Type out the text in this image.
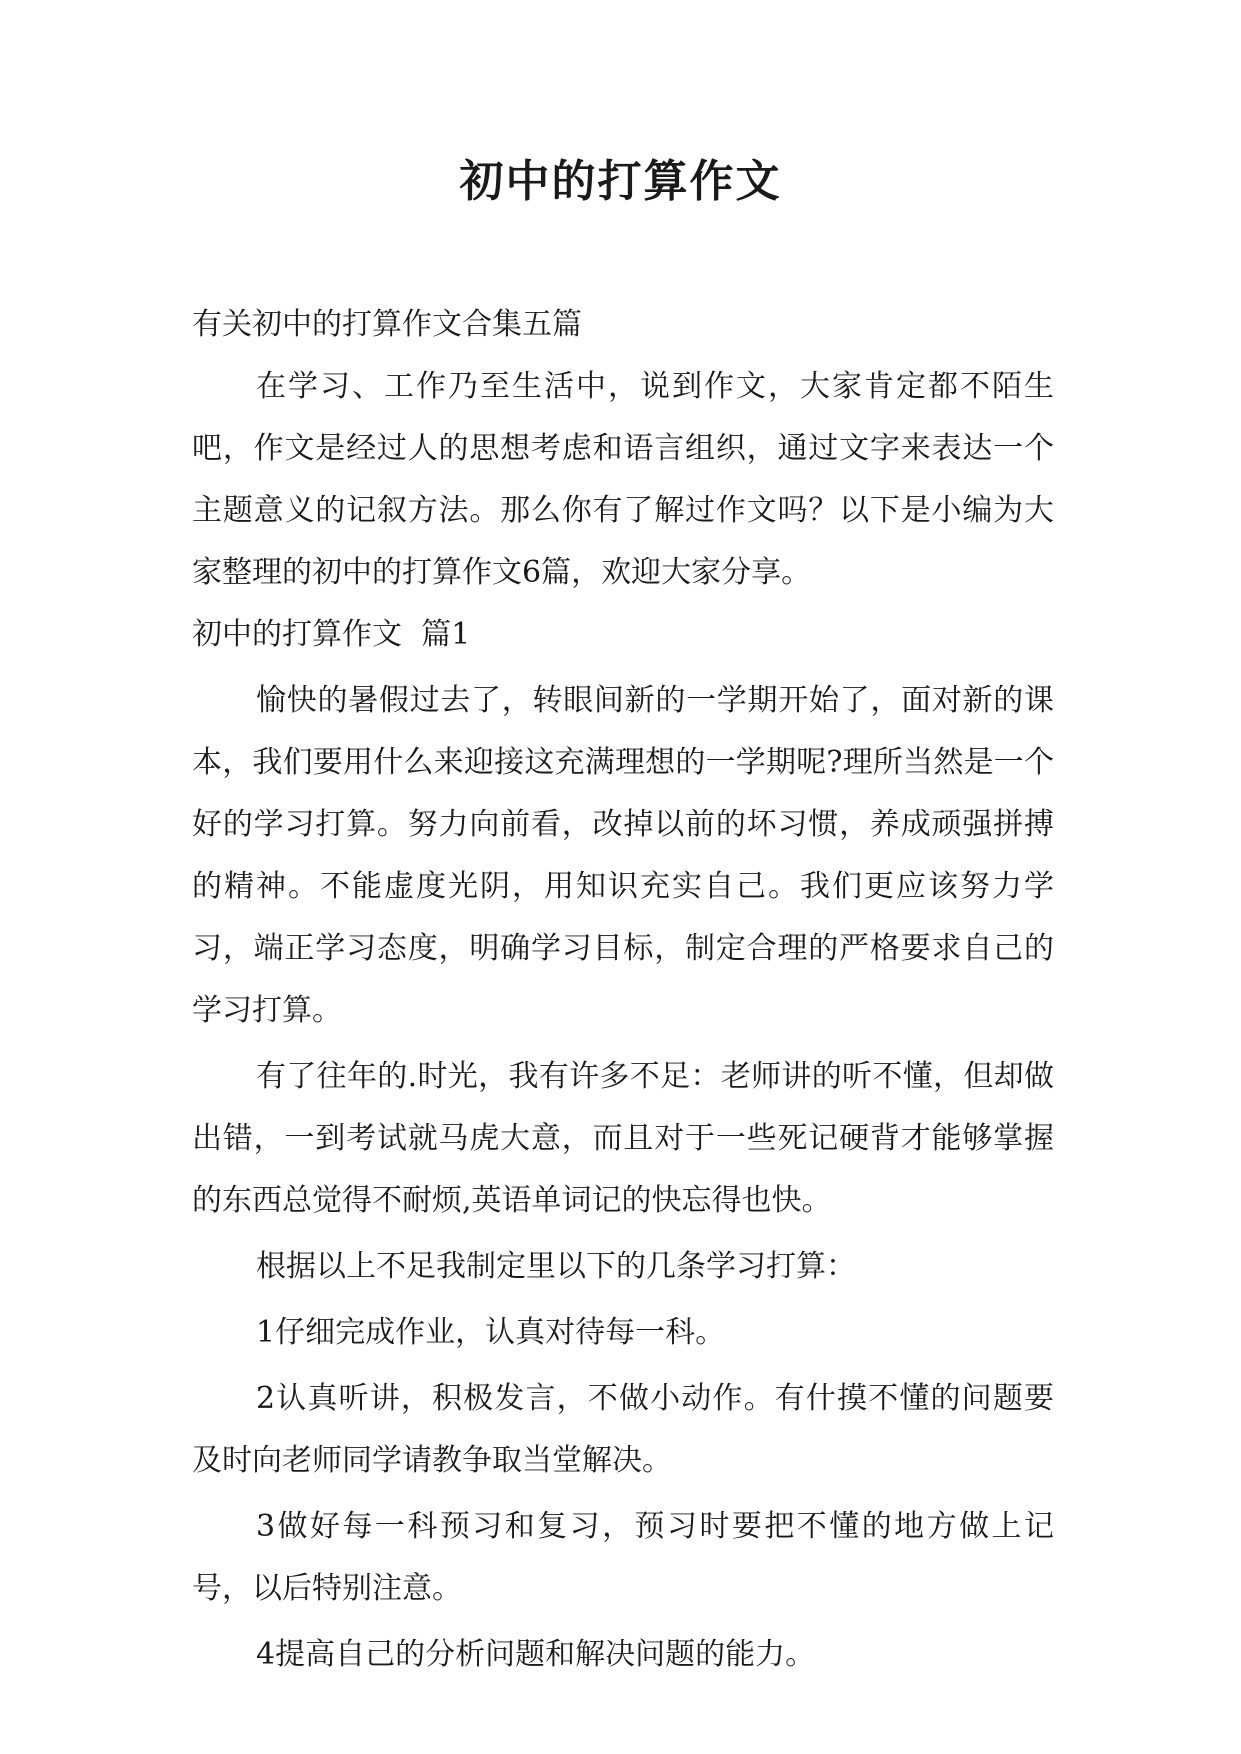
初中的打算作文

有关初中的打算作文合集五篇

在学习、工作乃至生活中，说到作文，大家肯定都不陌生吧，作文是经过人的思想考虑和语言组织，通过文字来表达一个主题意义的记叙方法。那么你有了解过作文吗？以下是小编为大家整理的初中的打算作文6篇，欢迎大家分享。

初中的打算作文  篇1

愉快的暑假过去了，转眼间新的一学期开始了，面对新的课本，我们要用什么来迎接这充满理想的一学期呢?理所当然是一个好的学习打算。努力向前看，改掉以前的坏习惯，养成顽强拼搏的精神。不能虚度光阴，用知识充实自己。我们更应该努力学习，端正学习态度，明确学习目标，制定合理的严格要求自己的学习打算。

有了往年的.时光，我有许多不足：老师讲的听不懂，但却做出错，一到考试就马虎大意，而且对于一些死记硬背才能够掌握的东西总觉得不耐烦,英语单词记的快忘得也快。

根据以上不足我制定里以下的几条学习打算：

1仔细完成作业，认真对待每一科。

2认真听讲，积极发言，不做小动作。有什摸不懂的问题要及时向老师同学请教争取当堂解决。

3做好每一科预习和复习，预习时要把不懂的地方做上记号，以后特别注意。

4提高自己的分析问题和解决问题的能力。
